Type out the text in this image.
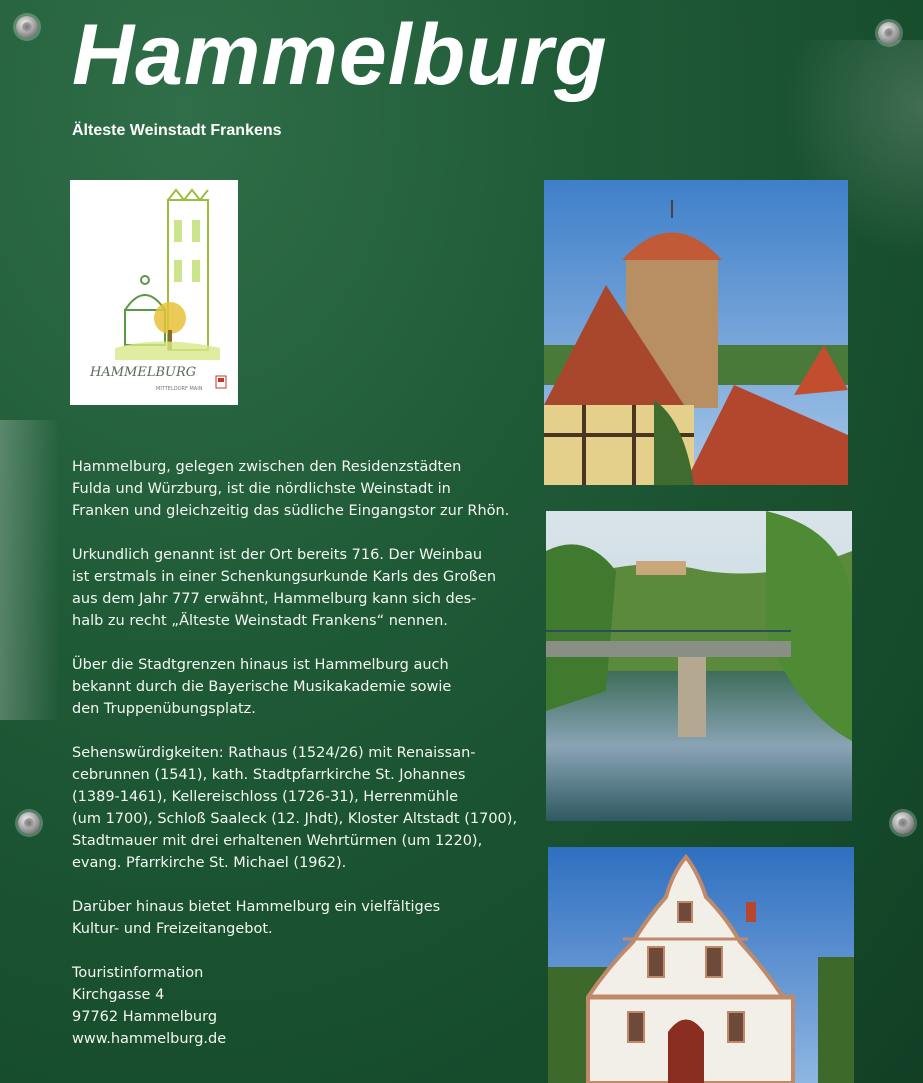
Hammelburg
Älteste Weinstadt Frankens
HAMMELBURG
MITTELDORF MAIN

Hammelburg, gelegen zwischen den Residenzstädten
Fulda und Würzburg, ist die nördlichste Weinstadt in
Franken und gleichzeitig das südliche Eingangstor zur Rhön.

Urkundlich genannt ist der Ort bereits 716. Der Weinbau
ist erstmals in einer Schenkungsurkunde Karls des Großen
aus dem Jahr 777 erwähnt, Hammelburg kann sich des-
halb zu recht „Älteste Weinstadt Frankens“ nennen.

Über die Stadtgrenzen hinaus ist Hammelburg auch
bekannt durch die Bayerische Musikakademie sowie
den Truppenübungsplatz.

Sehenswürdigkeiten: Rathaus (1524/26) mit Renaissan-
cebrunnen (1541), kath. Stadtpfarrkirche St. Johannes
(1389-1461), Kellereischloss (1726-31), Herrenmühle
(um 1700), Schloß Saaleck (12. Jhdt), Kloster Altstadt (1700),
Stadtmauer mit drei erhaltenen Wehrtürmen (um 1220),
evang. Pfarrkirche St. Michael (1962).

Darüber hinaus bietet Hammelburg ein vielfältiges
Kultur- und Freizeitangebot.

Touristinformation
Kirchgasse 4
97762 Hammelburg
www.hammelburg.de
